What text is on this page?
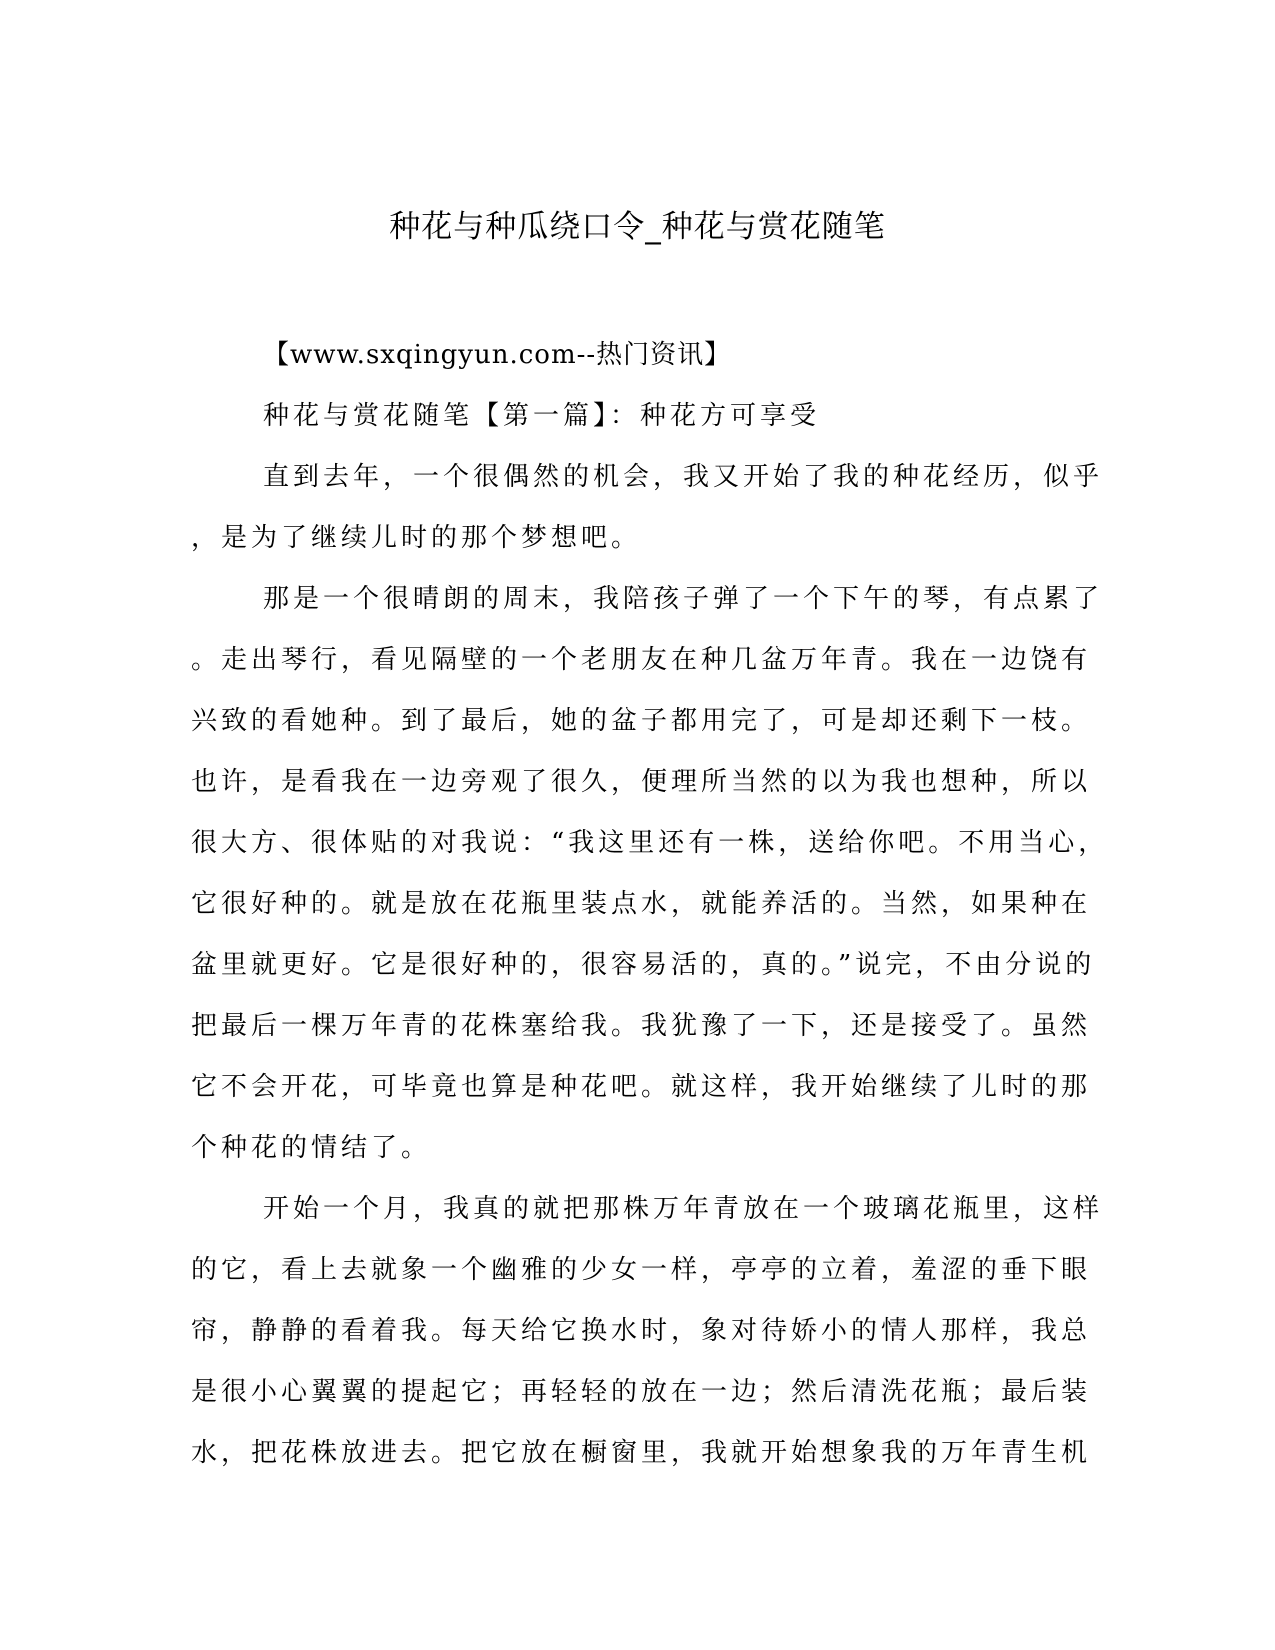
种花与种瓜绕口令_种花与赏花随笔
【www.sxqingyun.com--热门资讯】
种花与赏花随笔【第一篇】：种花方可享受
直到去年，一个很偶然的机会，我又开始了我的种花经历，似乎
，是为了继续儿时的那个梦想吧。
那是一个很晴朗的周末，我陪孩子弹了一个下午的琴，有点累了
。走出琴行，看见隔壁的一个老朋友在种几盆万年青。我在一边饶有
兴致的看她种。到了最后，她的盆子都用完了，可是却还剩下一枝。
也许，是看我在一边旁观了很久，便理所当然的以为我也想种，所以
很大方、很体贴的对我说：“我这里还有一株，送给你吧。不用当心，
它很好种的。就是放在花瓶里装点水，就能养活的。当然，如果种在
盆里就更好。它是很好种的，很容易活的，真的。”说完，不由分说的
把最后一棵万年青的花株塞给我。我犹豫了一下，还是接受了。虽然
它不会开花，可毕竟也算是种花吧。就这样，我开始继续了儿时的那
个种花的情结了。
开始一个月，我真的就把那株万年青放在一个玻璃花瓶里，这样
的它，看上去就象一个幽雅的少女一样，亭亭的立着，羞涩的垂下眼
帘，静静的看着我。每天给它换水时，象对待娇小的情人那样，我总
是很小心翼翼的提起它；再轻轻的放在一边；然后清洗花瓶；最后装
水，把花株放进去。把它放在橱窗里，我就开始想象我的万年青生机
